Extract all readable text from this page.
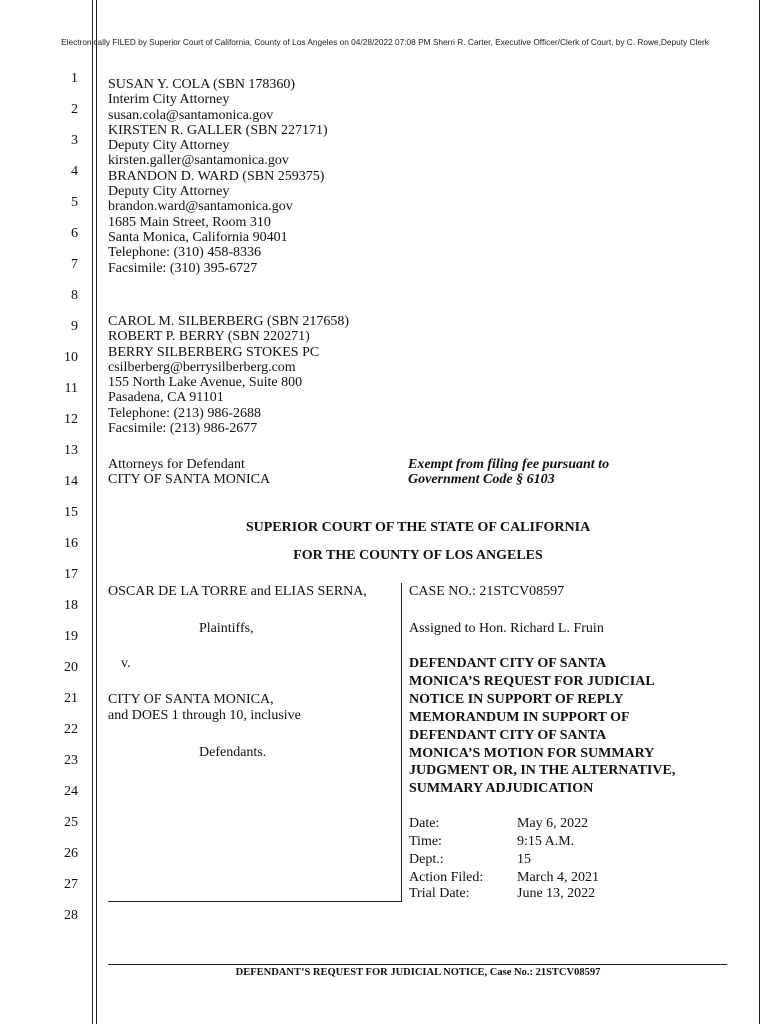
Electronically FILED by Superior Court of California, County of Los Angeles on 04/28/2022 07:08 PM Sherri R. Carter, Executive Officer/Clerk of Court, by C. Rowe,Deputy Clerk
1
2
3
4
5
6
7
8
9
10
11
12
13
14
15
16
17
18
19
20
21
22
23
24
25
26
27
28
SUSAN Y. COLA (SBN 178360)
Interim City Attorney
susan.cola@santamonica.gov
KIRSTEN R. GALLER (SBN 227171)
Deputy City Attorney
kirsten.galler@santamonica.gov
BRANDON D. WARD (SBN 259375)
Deputy City Attorney
brandon.ward@santamonica.gov
1685 Main Street, Room 310
Santa Monica, California 90401
Telephone: (310) 458-8336
Facsimile: (310) 395-6727
CAROL M. SILBERBERG (SBN 217658)
ROBERT P. BERRY (SBN 220271)
BERRY SILBERBERG STOKES PC
csilberberg@berrysilberberg.com
155 North Lake Avenue, Suite 800
Pasadena, CA 91101
Telephone: (213) 986-2688
Facsimile: (213) 986-2677
Attorneys for Defendant
CITY OF SANTA MONICA
Exempt from filing fee pursuant to
Government Code § 6103
SUPERIOR COURT OF THE STATE OF CALIFORNIA
FOR THE COUNTY OF LOS ANGELES
OSCAR DE LA TORRE and ELIAS SERNA,
Plaintiffs,
v.
CITY OF SANTA MONICA,
and DOES 1 through 10, inclusive
Defendants.
CASE NO.: 21STCV08597
Assigned to Hon. Richard L. Fruin
DEFENDANT CITY OF SANTA
MONICA’S REQUEST FOR JUDICIAL
NOTICE IN SUPPORT OF REPLY
MEMORANDUM IN SUPPORT OF
DEFENDANT CITY OF SANTA
MONICA’S MOTION FOR SUMMARY
JUDGMENT OR, IN THE ALTERNATIVE,
SUMMARY ADJUDICATION
Date:	May 6, 2022
Time:	9:15 A.M.
Dept.:	15
Action Filed: March 4, 2021
Trial Date:	June 13, 2022
DEFENDANT’S REQUEST FOR JUDICIAL NOTICE, Case No.: 21STCV08597
